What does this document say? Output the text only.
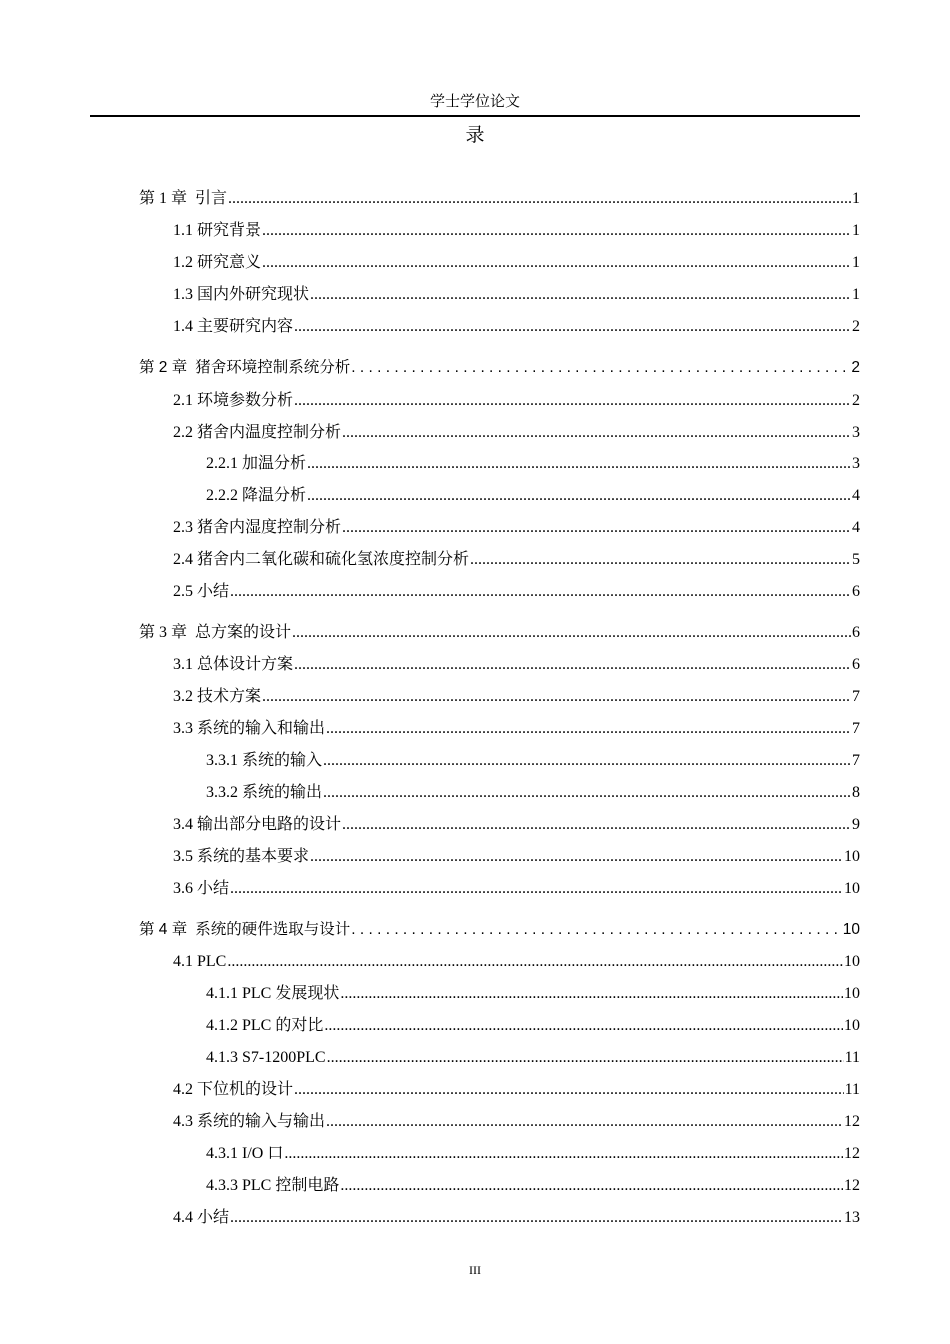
学士学位论文
录
第 1 章 引言 .....	1
1.1 研究背景 .....	1
1.2 研究意义 .....	1
1.3 国内外研究现状 .....	1
1.4 主要研究内容 .....	2
第 2 章 猪舍环境控制系统分析 . . .	2
2.1 环境参数分析 .....	2
2.2 猪舍内温度控制分析 .....	3
2.2.1 加温分析 .....	3
2.2.2 降温分析 .....	4
2.3 猪舍内湿度控制分析 .....	4
2.4 猪舍内二氧化碳和硫化氢浓度控制分析 .....	5
2.5 小结 .....	6
第 3 章 总方案的设计 .....	6
3.1 总体设计方案 .....	6
3.2 技术方案 .....	7
3.3 系统的输入和输出 .....	7
3.3.1 系统的输入 .....	7
3.3.2 系统的输出 .....	8
3.4 输出部分电路的设计 .....	9
3.5 系统的基本要求 .....	10
3.6 小结 .....	10
第 4 章 系统的硬件选取与设计 . . .	10
4.1 PLC .....	10
4.1.1 PLC 发展现状 .....	10
4.1.2 PLC 的对比 .....	10
4.1.3 S7-1200PLC .....	11
4.2 下位机的设计 .....	11
4.3 系统的输入与输出 .....	12
4.3.1 I/O 口 .....	12
4.3.3 PLC 控制电路 .....	12
4.4 小结 .....	13
III
